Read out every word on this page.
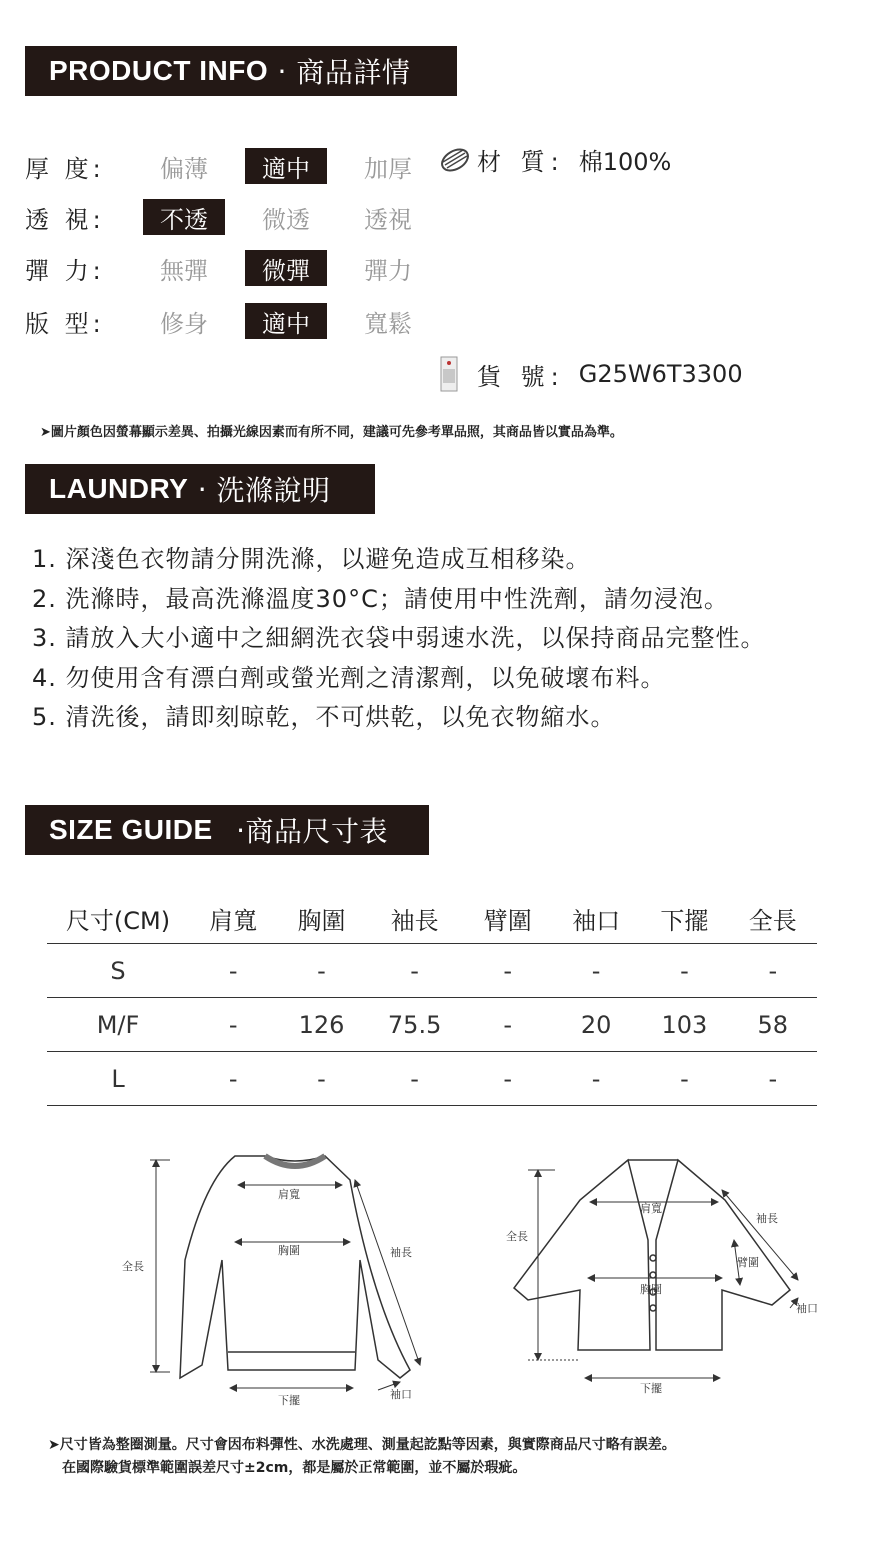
PRODUCT INFO · 商品詳情
厚 度:	偏薄	適中	加厚
透 視:	不透	微透	透視
彈 力:	無彈	微彈	彈力
版 型:	修身	適中	寬鬆
材 質: 棉100%
貨 號: G25W6T3300
➤圖片顏色因螢幕顯示差異、拍攝光線因素而有所不同，建議可先參考單品照，其商品皆以實品為準。
LAUNDRY · 洗滌說明
1. 深淺色衣物請分開洗滌，以避免造成互相移染。
2. 洗滌時，最高洗滌溫度30°C；請使用中性洗劑，請勿浸泡。
3. 請放入大小適中之細網洗衣袋中弱速水洗，以保持商品完整性。
4. 勿使用含有漂白劑或螢光劑之清潔劑，以免破壞布料。
5. 清洗後，請即刻晾乾，不可烘乾，以免衣物縮水。
SIZE GUIDE · 商品尺寸表
尺寸(CM)	肩寬	胸圍	袖長	臂圍	袖口	下擺	全長
S	-	-	-	-	-	-	-
M/F	-	126	75.5	-	20	103	58
L	-	-	-	-	-	-	-
肩寬
胸圍	袖長
全長
下擺	袖口
肩寬
胸圍
袖長
臂圍
全長
下擺
袖口
➤尺寸皆為整圈測量。尺寸會因布料彈性、水洗處理、測量起訖點等因素，與實際商品尺寸略有誤差。
在國際驗貨標準範圍誤差尺寸±2cm，都是屬於正常範圍，並不屬於瑕疵。
